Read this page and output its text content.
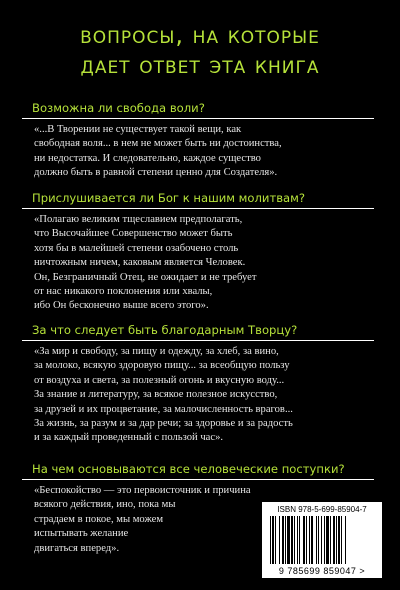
вопросы, на которые
дает ответ эта книга
Возможна ли свобода воли?
«...В Творении не существует такой вещи, как
свободная воля... в нем не может быть ни достоинства,
ни недостатка. И следовательно, каждое существо
должно быть в равной степени ценно для Создателя».
Прислушивается ли Бог к нашим молитвам?
«Полагаю великим тщеславием предполагать,
что Высочайшее Совершенство может быть
хотя бы в малейшей степени озабочено столь
ничтожным ничем, каковым является Человек.
Он, Безграничный Отец, не ожидает и не требует
от нас никакого поклонения или хвалы,
ибо Он бесконечно выше всего этого».
За что следует быть благодарным Творцу?
«За мир и свободу, за пищу и одежду, за хлеб, за вино,
за молоко, всякую здоровую пищу... за всеобщую пользу
от воздуха и света, за полезный огонь и вкусную воду...
За знание и литературу, за всякое полезное искусство,
за друзей и их процветание, за малочисленность врагов...
За жизнь, за разум и за дар речи; за здоровье и за радость
и за каждый проведенный с пользой час».
На чем основываются все человеческие поступки?
«Беспокойство — это первоисточник и причина
всякого действия, ино, пока мы
страдаем в покое, мы можем
испытывать желание
двигаться вперед».
ISBN 978-5-699-85904-7
9 785699 859047 >
